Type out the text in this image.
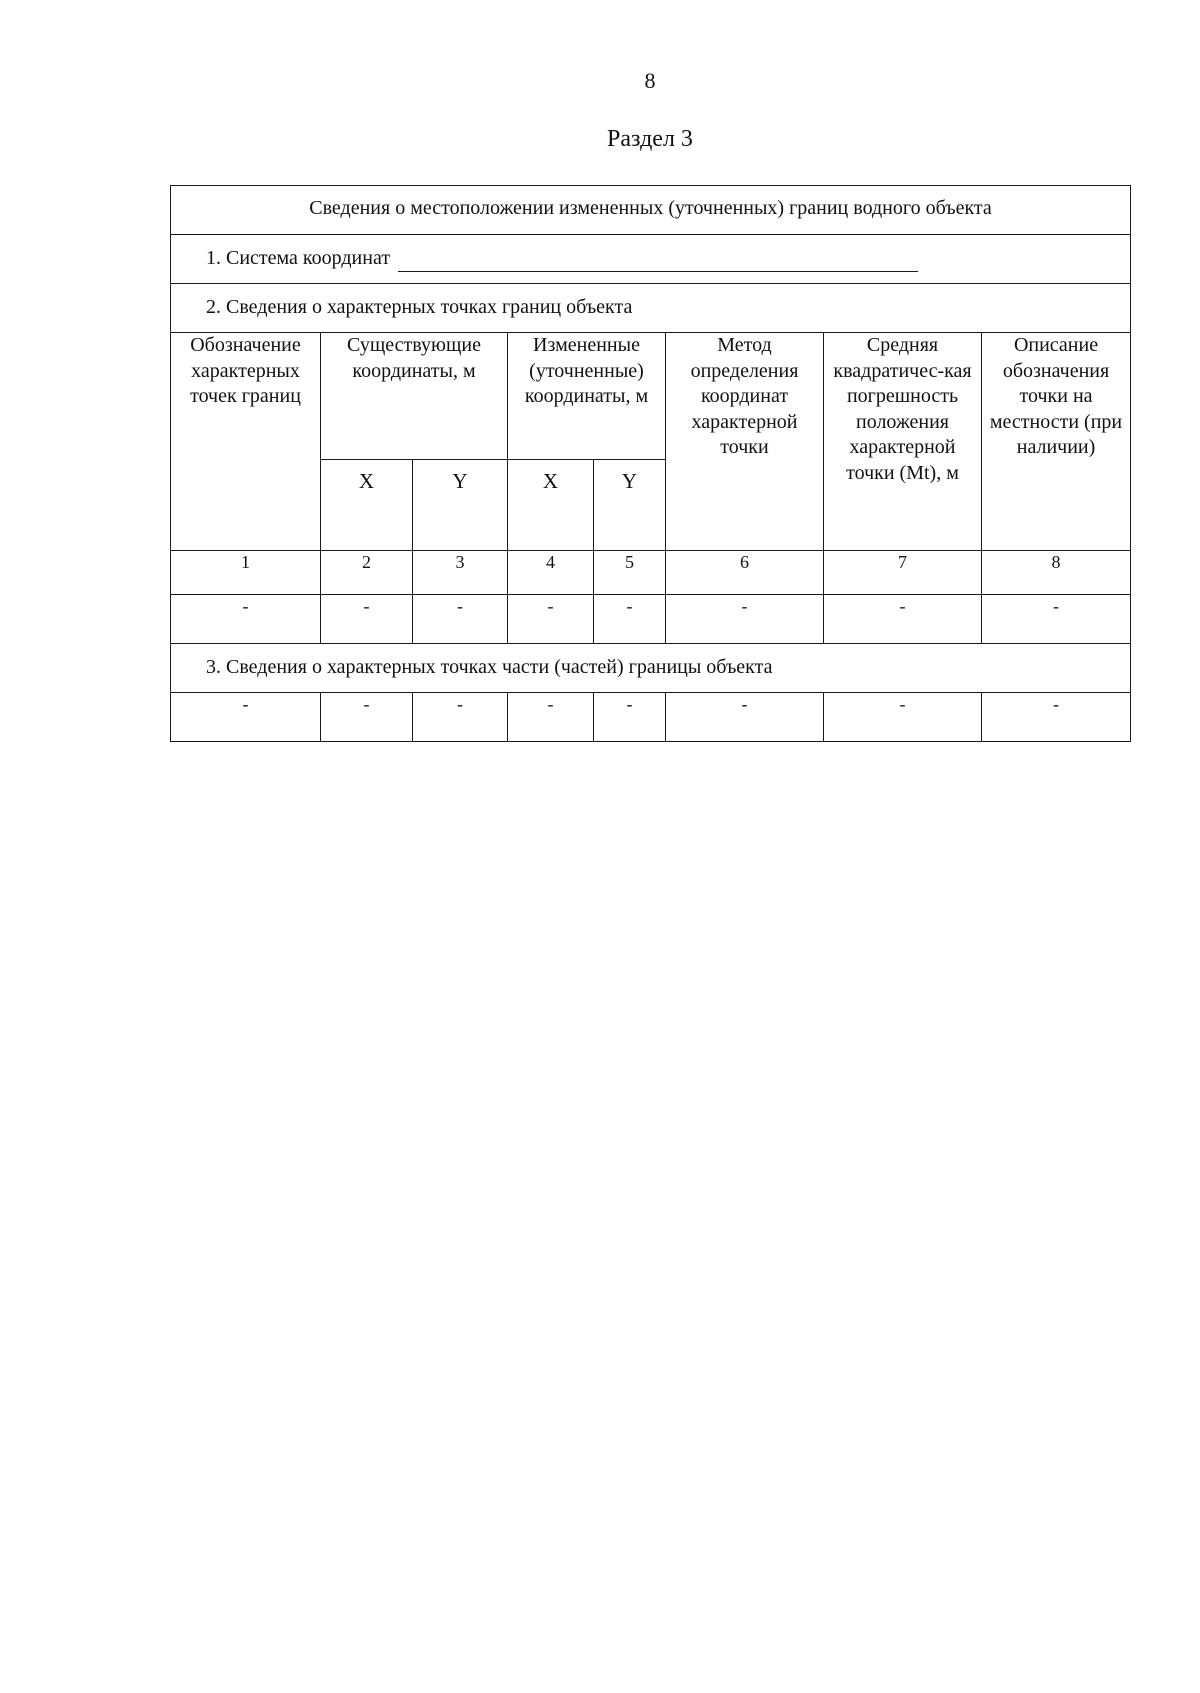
8
Раздел 3
Сведения о местоположении измененных (уточненных) границ водного объекта							

1. Система координат							

2. Сведения о характерных точках границ объекта							

Обозначение характерных точек границ	Существующие координаты, м		Измененные (уточненные) координаты, м		Метод определения координат характерной точки	Средняя квадратичес-кая погрешность положения характерной точки (Mt), м	Описание обозначения точки на местности (при наличии)
	X	Y	X	Y			
1	2	3	4	5	6	7	8
-	-	-	-	-	-	-	-

3. Сведения о характерных точках части (частей) границы объекта							

-	-	-	-	-	-	-	-
